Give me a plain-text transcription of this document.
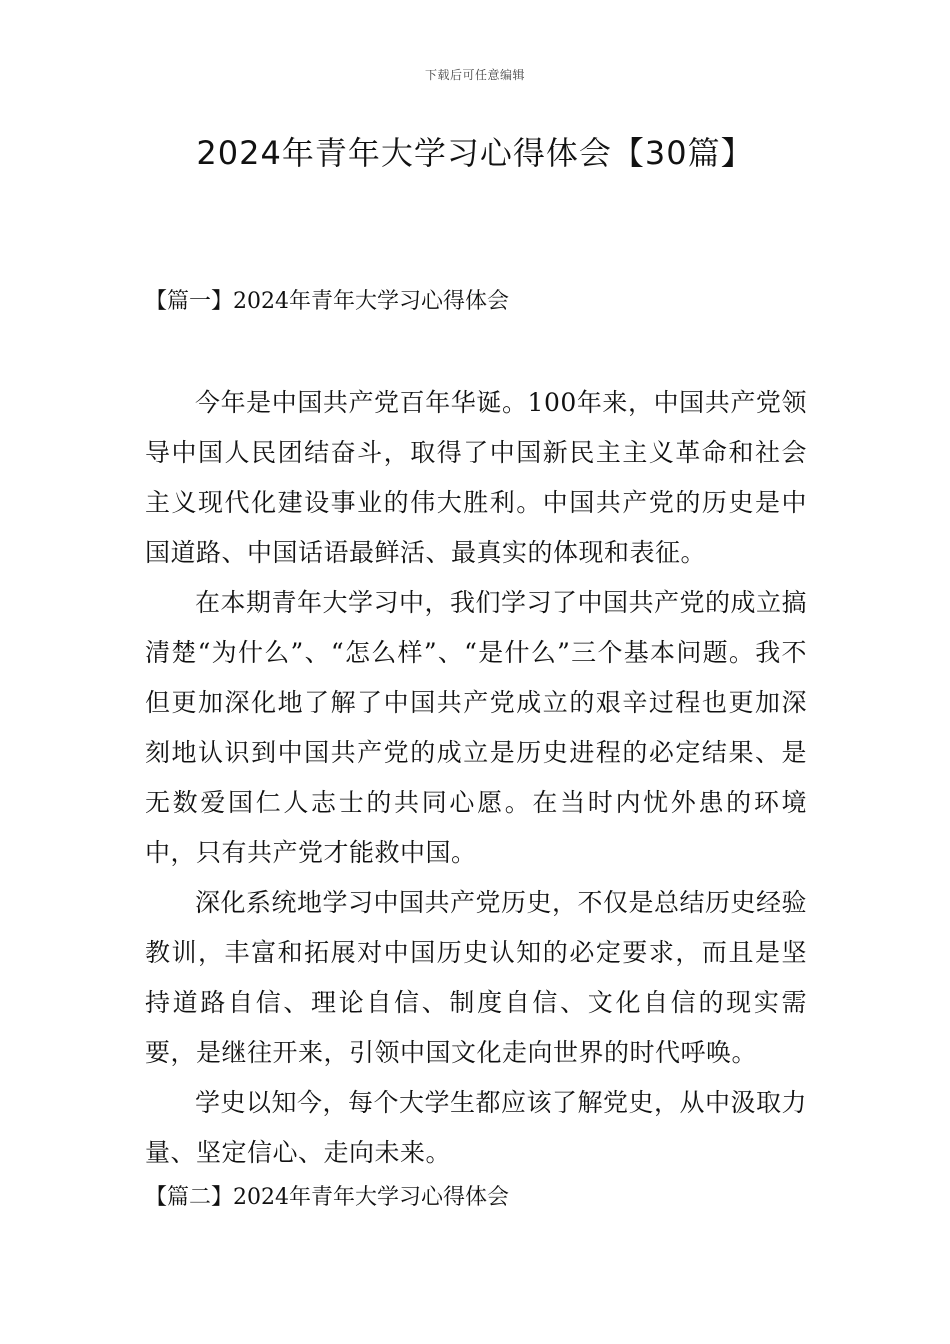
下载后可任意编辑
2024年青年大学习心得体会【30篇】
【篇一】2024年青年大学习心得体会

今年是中国共产党百年华诞。100年来，中国共产党领导中国人民团结奋斗，取得了中国新民主主义革命和社会主义现代化建设事业的伟大胜利。中国共产党的历史是中国道路、中国话语最鲜活、最真实的体现和表征。

在本期青年大学习中，我们学习了中国共产党的成立搞清楚“为什么”、“怎么样”、“是什么”三个基本问题。我不但更加深化地了解了中国共产党成立的艰辛过程也更加深刻地认识到中国共产党的成立是历史进程的必定结果、是无数爱国仁人志士的共同心愿。在当时内忧外患的环境中，只有共产党才能救中国。

深化系统地学习中国共产党历史，不仅是总结历史经验教训，丰富和拓展对中国历史认知的必定要求，而且是坚持道路自信、理论自信、制度自信、文化自信的现实需要，是继往开来，引领中国文化走向世界的时代呼唤。

学史以知今，每个大学生都应该了解党史，从中汲取力量、坚定信心、走向未来。

【篇二】2024年青年大学习心得体会
